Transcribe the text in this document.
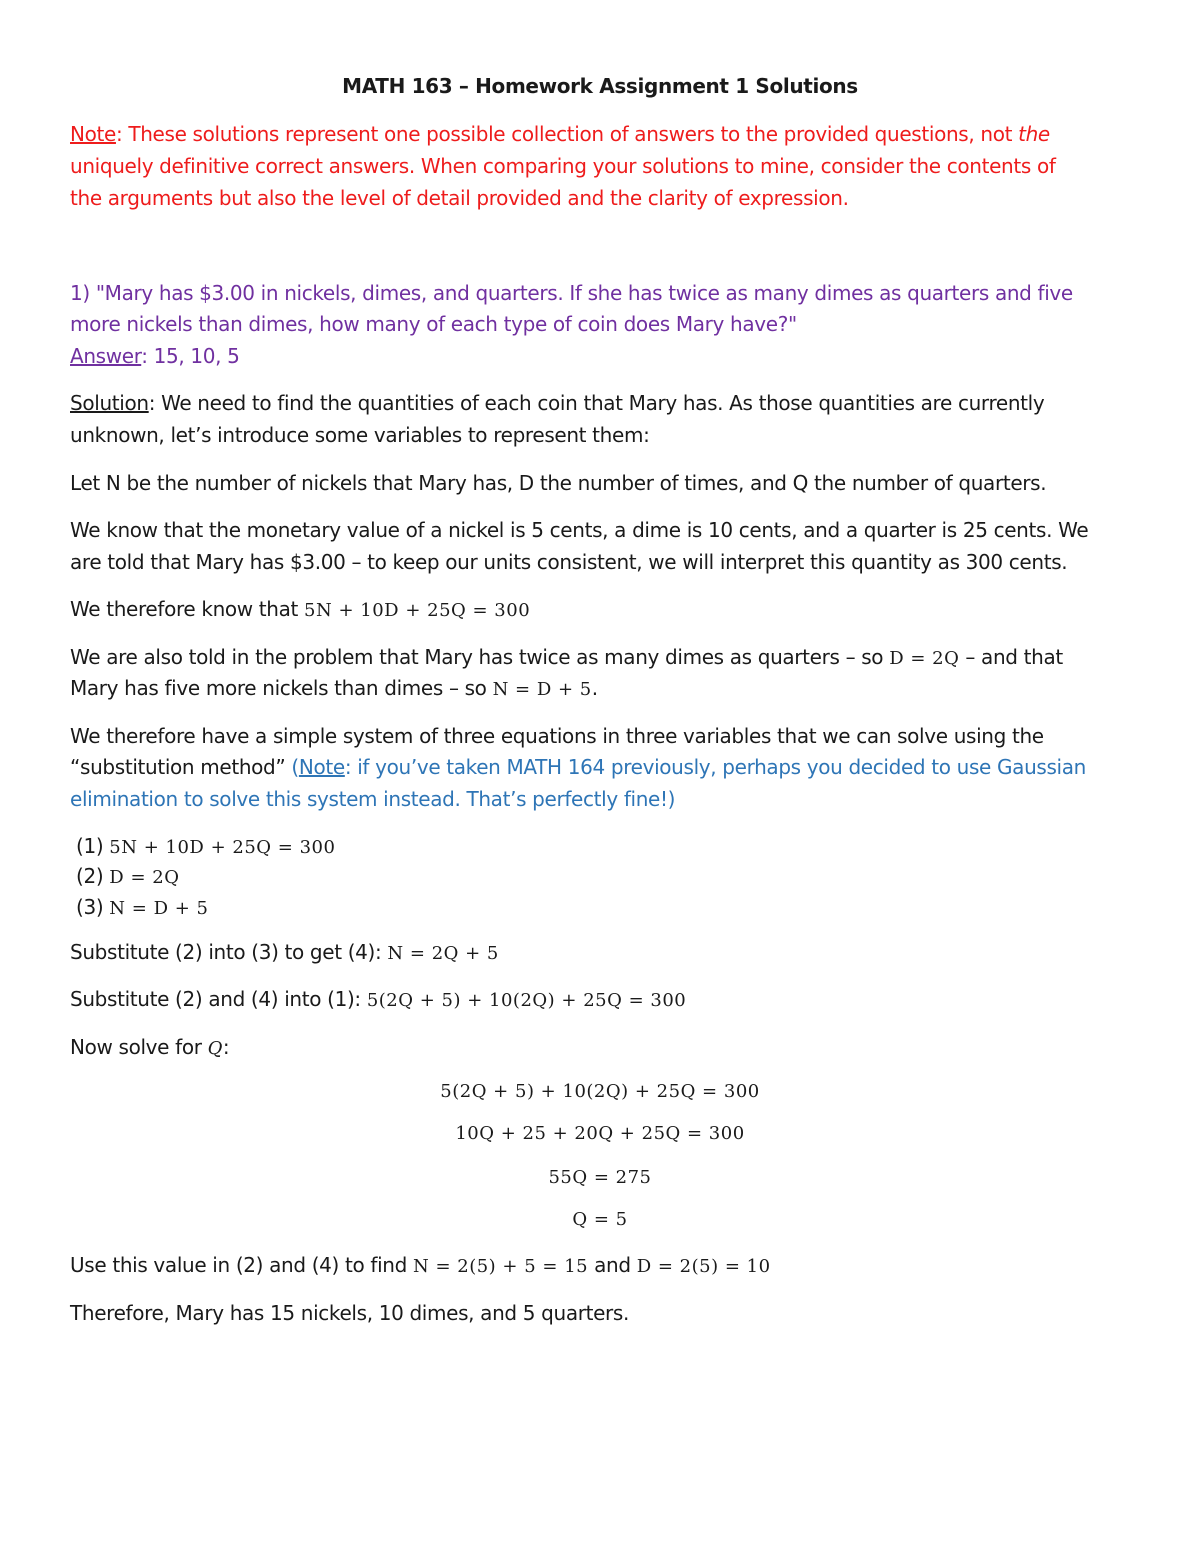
MATH 163 – Homework Assignment 1 Solutions
Note: These solutions represent one possible collection of answers to the provided questions, not the
uniquely definitive correct answers. When comparing your solutions to mine, consider the contents of
the arguments but also the level of detail provided and the clarity of expression.
1) "Mary has $3.00 in nickels, dimes, and quarters. If she has twice as many dimes as quarters and five
more nickels than dimes, how many of each type of coin does Mary have?"
Answer: 15, 10, 5
Solution: We need to find the quantities of each coin that Mary has. As those quantities are currently
unknown, let’s introduce some variables to represent them:
Let N be the number of nickels that Mary has, D the number of times, and Q the number of quarters.
We know that the monetary value of a nickel is 5 cents, a dime is 10 cents, and a quarter is 25 cents. We
are told that Mary has $3.00 – to keep our units consistent, we will interpret this quantity as 300 cents.
We therefore know that 5N + 10D + 25Q = 300
We are also told in the problem that Mary has twice as many dimes as quarters – so D = 2Q – and that
Mary has five more nickels than dimes – so N = D + 5.
We therefore have a simple system of three equations in three variables that we can solve using the
“substitution method” (Note: if you’ve taken MATH 164 previously, perhaps you decided to use Gaussian
elimination to solve this system instead. That’s perfectly fine!)
(1) 5N + 10D + 25Q = 300
(2) D = 2Q
(3) N = D + 5
Substitute (2) into (3) to get (4): N = 2Q + 5
Substitute (2) and (4) into (1): 5(2Q + 5) + 10(2Q) + 25Q = 300
Now solve for Q:
5(2Q + 5) + 10(2Q) + 25Q = 300
10Q + 25 + 20Q + 25Q = 300
55Q = 275
Q = 5
Use this value in (2) and (4) to find N = 2(5) + 5 = 15 and D = 2(5) = 10
Therefore, Mary has 15 nickels, 10 dimes, and 5 quarters.
